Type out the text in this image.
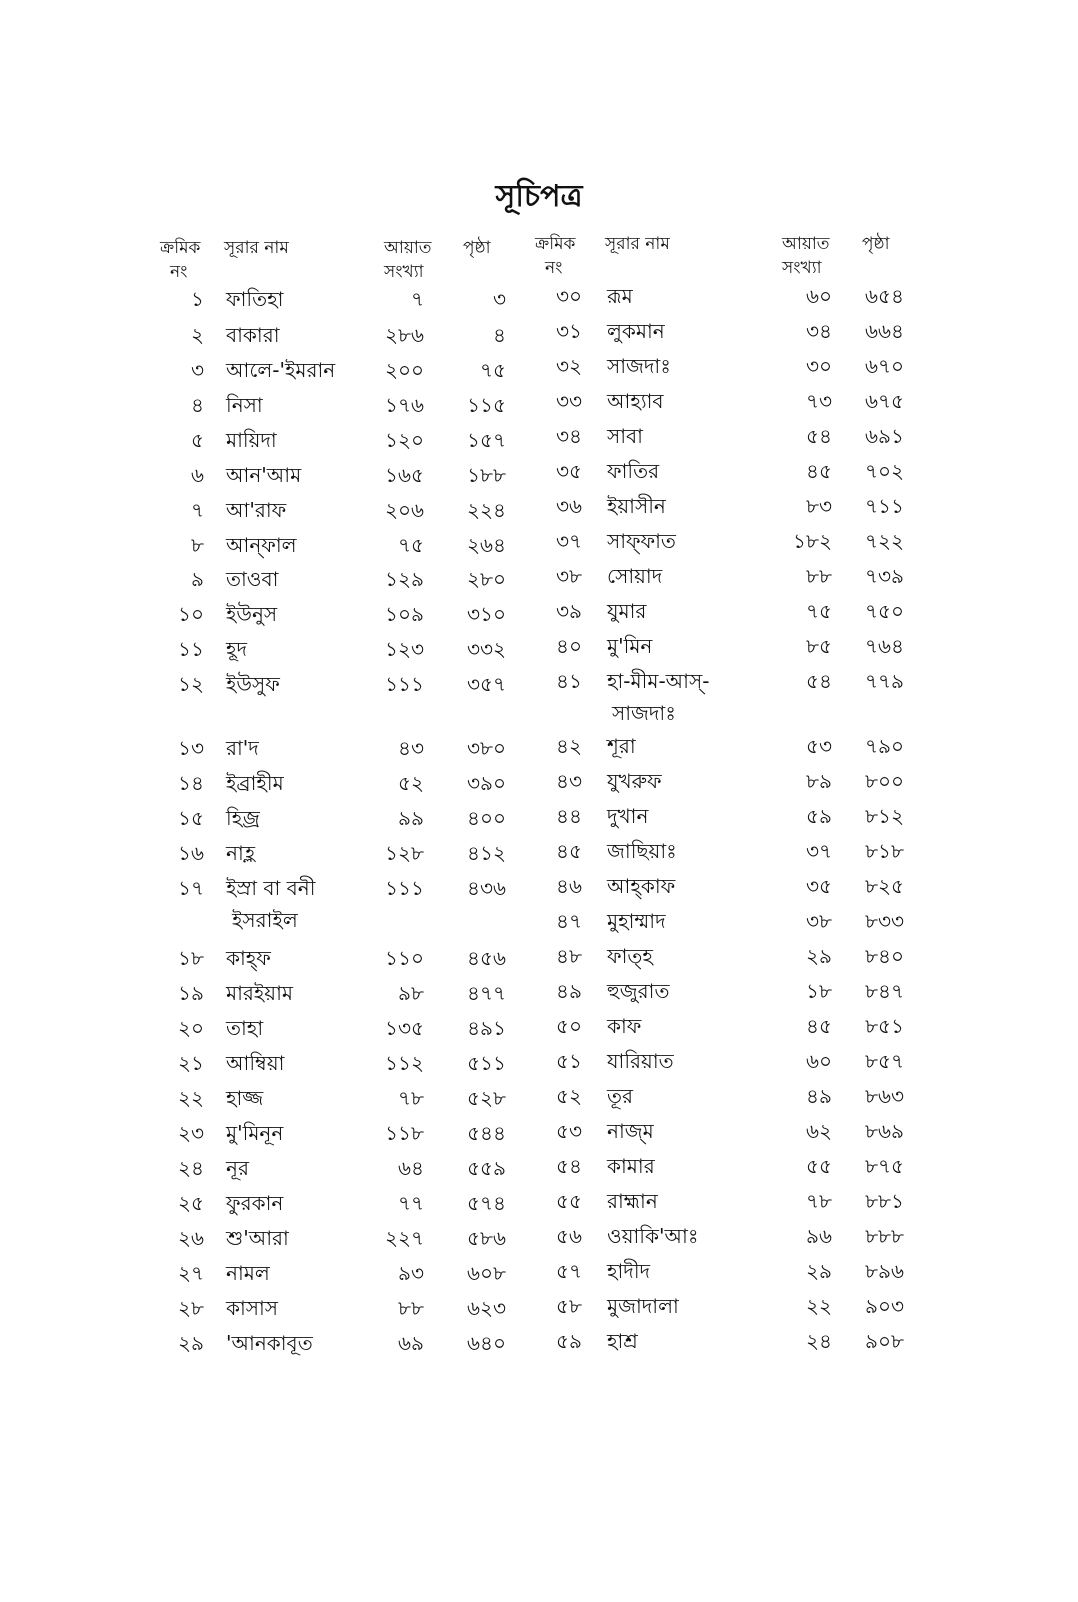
সূচিপত্র
ক্রমিক
নং
সূরার নাম	আয়াত
সংখ্যা
পৃষ্ঠা	ক্রমিক
নং
সূরার নাম	আয়াত
সংখ্যা
পৃষ্ঠা
১ ফাতিহা	৭	৩
২ বাকারা	২৮৬	৪
৩ আলে-'ইমরান	২০০	৭৫
৪ নিসা	১৭৬	১১৫
৫ মায়িদা	১২০	১৫৭
৬ আন'আম	১৬৫	১৮৮
৭ আ'রাফ	২০৬	২২৪
৮ আন্ফাল	৭৫	২৬৪
৯ তাওবা	১২৯	২৮০
১০ ইউনুস	১০৯	৩১০
১১ হূদ	১২৩	৩৩২
১২ ইউসুফ	১১১	৩৫৭
১৩ রা'দ	৪৩	৩৮০
১৪ ইব্রাহীম	৫২	৩৯০
১৫ হিজ্র	৯৯	৪০০
১৬ নাহ্ল	১২৮	৪১২
১৭ ইস্রা বা বনী
ইসরাইল
১১১	৪৩৬
১৮ কাহ্ফ	১১০	৪৫৬
১৯ মারইয়াম	৯৮	৪৭৭
২০ তাহা	১৩৫	৪৯১
২১ আম্বিয়া	১১২	৫১১
২২ হাজ্জ	৭৮	৫২৮
২৩ মু'মিনূন	১১৮	৫৪৪
২৪ নূর	৬৪	৫৫৯
২৫ ফুরকান	৭৭	৫৭৪
২৬ শু'আরা	২২৭	৫৮৬
২৭ নামল	৯৩	৬০৮
২৮ কাসাস	৮৮	৬২৩
২৯ 'আনকাবূত	৬৯	৬৪০
৩০ রূম	৬০	৬৫৪
৩১ লুকমান	৩৪	৬৬৪
৩২ সাজদাঃ	৩০	৬৭০
৩৩ আহ্যাব	৭৩	৬৭৫
৩৪ সাবা	৫৪	৬৯১
৩৫ ফাতির	৪৫	৭০২
৩৬ ইয়াসীন	৮৩	৭১১
৩৭ সাফ্ফাত	১৮২	৭২২
৩৮ সোয়াদ	৮৮	৭৩৯
৩৯ যুমার	৭৫	৭৫০
৪০ মু'মিন	৮৫	৭৬৪
৪১ হা-মীম-আস্-
সাজদাঃ
৫৪	৭৭৯
৪২ শূরা	৫৩	৭৯০
৪৩ যুখরুফ	৮৯	৮০০
৪৪ দুখান	৫৯	৮১২
৪৫ জাছিয়াঃ	৩৭	৮১৮
৪৬ আহ্কাফ	৩৫	৮২৫
৪৭ মুহাম্মাদ	৩৮	৮৩৩
৪৮ ফাত্হ	২৯	৮৪০
৪৯ হুজুরাত	১৮	৮৪৭
৫০ কাফ	৪৫	৮৫১
৫১ যারিয়াত	৬০	৮৫৭
৫২ তূর	৪৯	৮৬৩
৫৩ নাজ্ম	৬২	৮৬৯
৫৪ কামার	৫৫	৮৭৫
৫৫ রাহ্মান	৭৮	৮৮১
৫৬ ওয়াকি'আঃ	৯৬	৮৮৮
৫৭ হাদীদ	২৯	৮৯৬
৫৮ মুজাদালা	২২	৯০৩
৫৯ হাশ্র	২৪	৯০৮
